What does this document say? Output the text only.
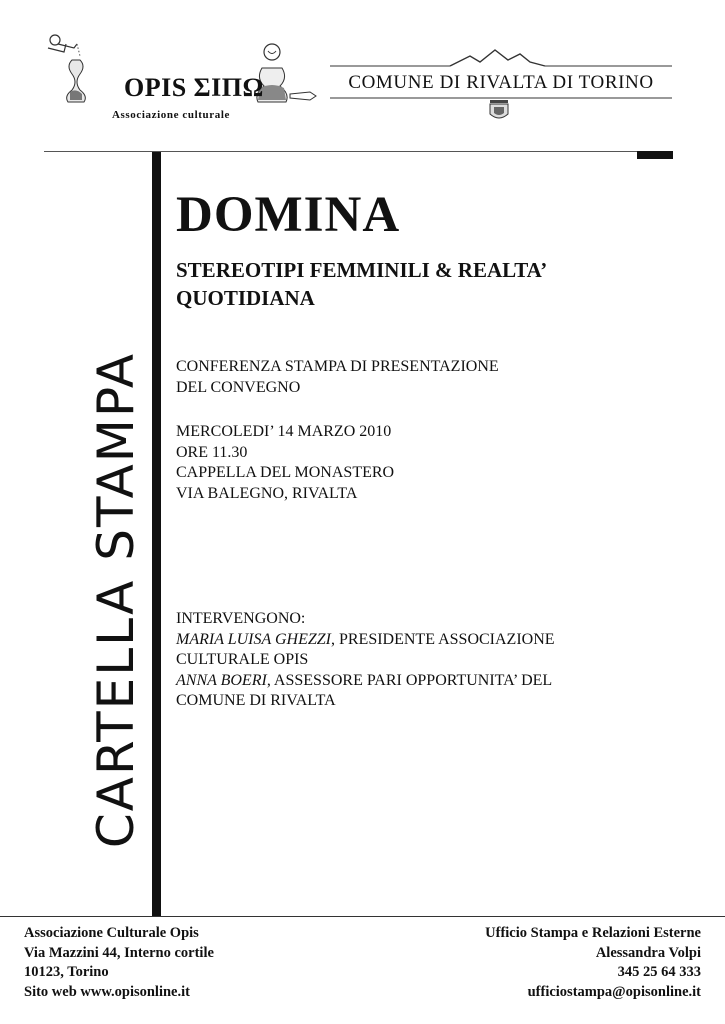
OPIS ΣΙΠΩ
Associazione culturale
COMUNE DI RIVALTA DI TORINO
CARTELLA STAMPA
DOMINA
STEREOTIPI FEMMINILI & REALTA’
QUOTIDIANA
CONFERENZA STAMPA DI PRESENTAZIONE
DEL CONVEGNO
MERCOLEDI’ 14 MARZO 2010
ORE 11.30
CAPPELLA DEL MONASTERO
VIA BALEGNO, RIVALTA
INTERVENGONO:
MARIA LUISA GHEZZI, PRESIDENTE ASSOCIAZIONE
CULTURALE OPIS
ANNA BOERI, ASSESSORE PARI OPPORTUNITA’ DEL
COMUNE DI RIVALTA
Associazione Culturale Opis
Via Mazzini 44, Interno cortile
10123, Torino
Sito web www.opisonline.it
Ufficio Stampa e Relazioni Esterne
Alessandra Volpi
345 25 64 333
ufficiostampa@opisonline.it
